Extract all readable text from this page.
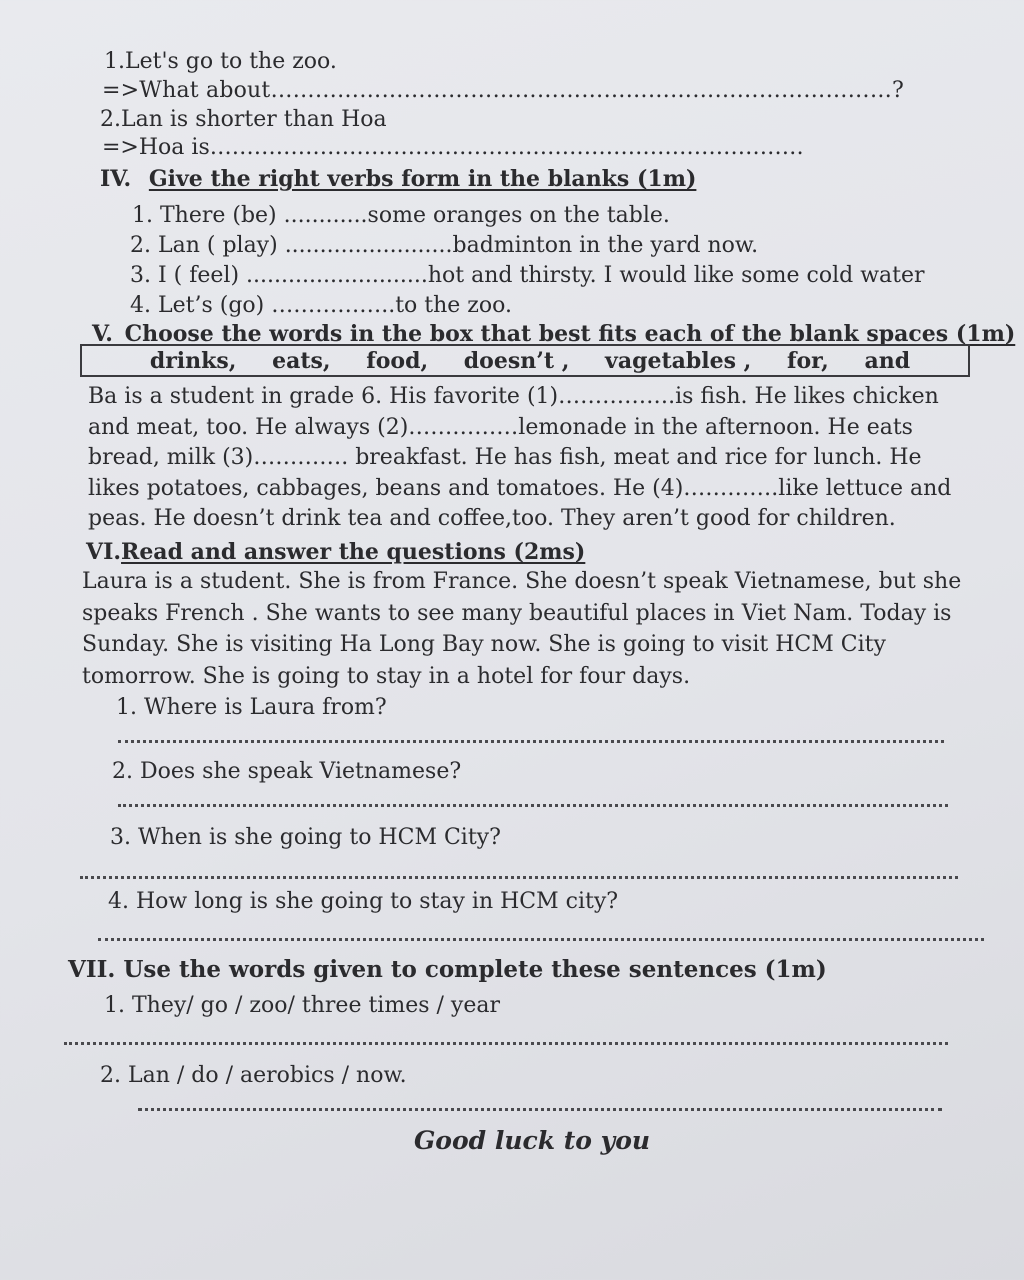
1.Let's go to the zoo.
=>What about…………………………………………………………………………?
2.Lan is shorter than Hoa
=>Hoa is………………………………………………………………………
IV. Give the right verbs form in the blanks (1m)
1. There (be) ............some oranges on the table.
2. Lan ( play) ........................badminton in the yard now.
3. I ( feel) ..........................hot and thirsty. I would like some cold water
4. Let’s (go) ……………..to the zoo.
V. Choose the words in the box that best fits each of the blank spaces (1m)
drinks, eats, food, doesn’t , vagetables , for, and
Ba is a student in grade 6. His favorite (1)…………….is fish. He likes chicken
and meat, too. He always (2)……………lemonade in the afternoon. He eats
bread, milk (3)…………. breakfast. He has fish, meat and rice for lunch. He
likes potatoes, cabbages, beans and tomatoes. He (4)………….like lettuce and
peas. He doesn’t drink tea and coffee,too. They aren’t good for children.
VI.Read and answer the questions (2ms)
Laura is a student. She is from France. She doesn’t speak Vietnamese, but she
speaks French . She wants to see many beautiful places in Viet Nam. Today is
Sunday. She is visiting Ha Long Bay now. She is going to visit HCM City
tomorrow. She is going to stay in a hotel for four days.
1. Where is Laura from?
2. Does she speak Vietnamese?
3. When is she going to HCM City?
4. How long is she going to stay in HCM city?
VII. Use the words given to complete these sentences (1m)
1. They/ go / zoo/ three times / year
2. Lan / do / aerobics / now.
Good luck to you
